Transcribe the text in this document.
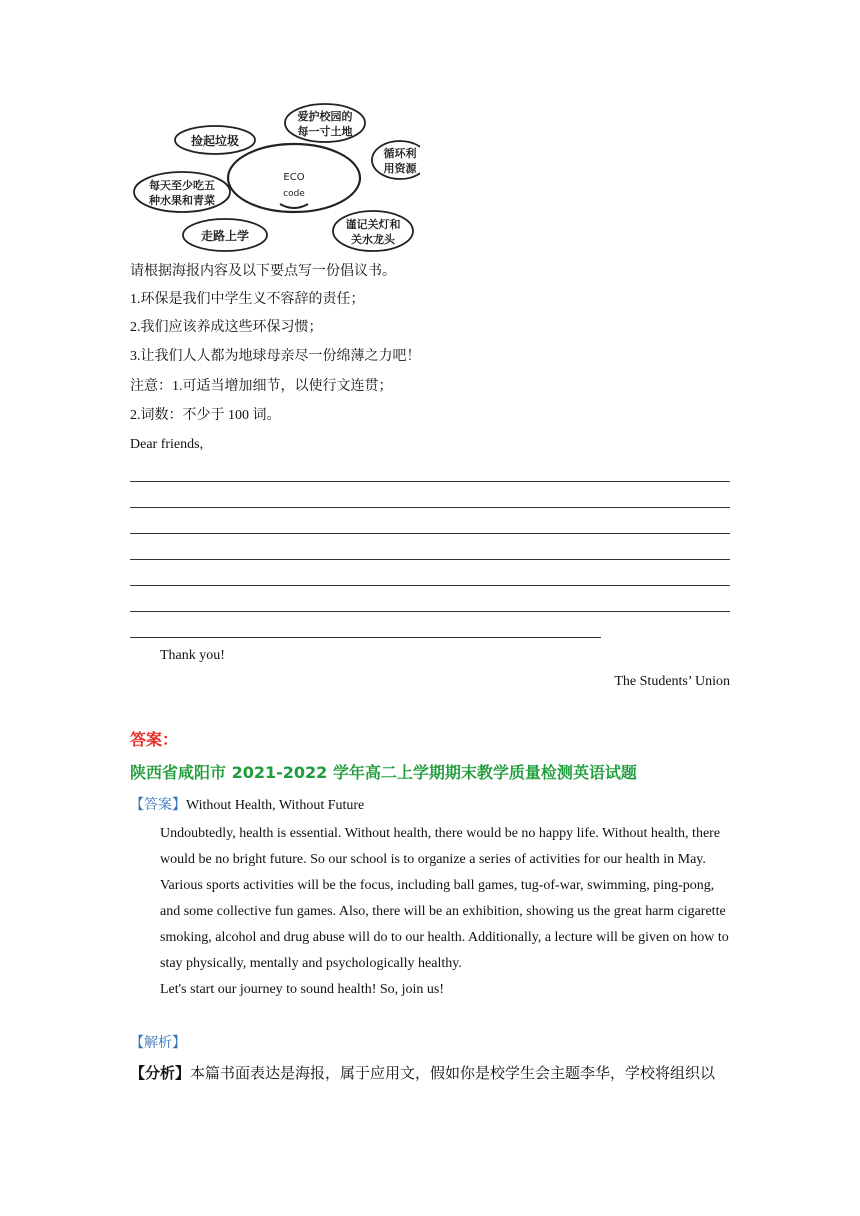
ECO
code
捡起垃圾
爱护校园的
每一寸土地
循环利
用资源
每天至少吃五
种水果和青菜
走路上学
谨记关灯和
关水龙头
请根据海报内容及以下要点写一份倡议书。
1.环保是我们中学生义不容辞的责任；
2.我们应该养成这些环保习惯；
3.让我们人人都为地球母亲尽一份绵薄之力吧！
注意：1.可适当增加细节，以使行文连贯；
2.词数：不少于 100 词。
Dear friends,
Thank you!
The Students’ Union
答案：
陕西省咸阳市 2021-2022 学年高二上学期期末教学质量检测英语试题
【答案】Without Health, Without Future

Undoubtedly, health is essential. Without health, there would be no happy life. Without health, there would be no bright future. So our school is to organize a series of activities for our health in May.

Various sports activities will be the focus, including ball games, tug-of-war, swimming, ping-pong, and some collective fun games. Also, there will be an exhibition, showing us the great harm cigarette smoking, alcohol and drug abuse will do to our health. Additionally, a lecture will be given on how to stay physically, mentally and psychologically healthy.

Let's start our journey to sound health! So, join us!

【解析】
【分析】本篇书面表达是海报，属于应用文，假如你是校学生会主题李华，学校将组织以
